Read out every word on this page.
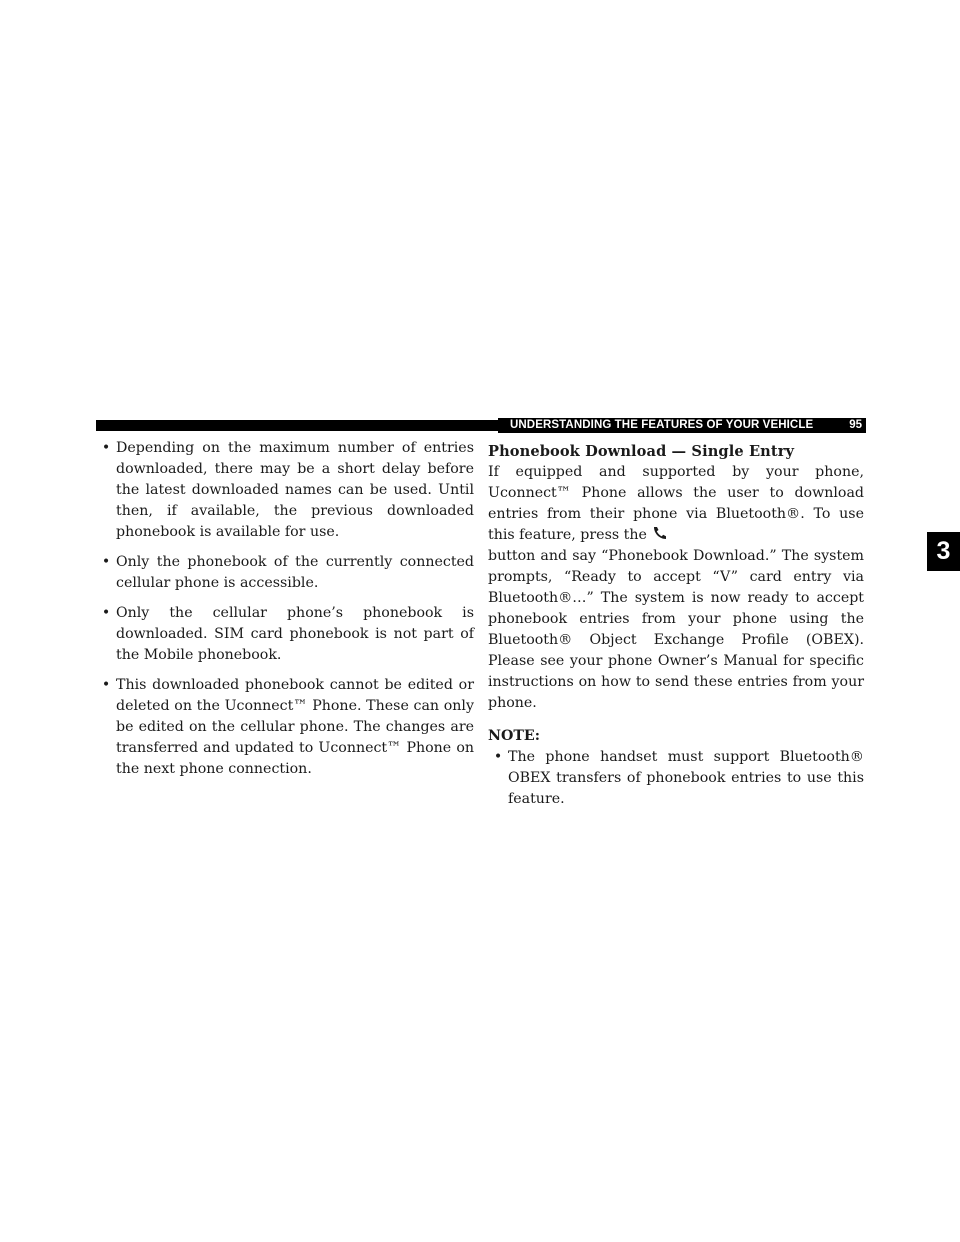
UNDERSTANDING THE FEATURES OF YOUR VEHICLE	95
3
• Depending on the maximum number of entries downloaded, there may be a short delay before the latest downloaded names can be used. Until then, if available, the previous downloaded phonebook is available for use.
• Only the phonebook of the currently connected cellular phone is accessible.
• Only the cellular phone’s phonebook is downloaded. SIM card phonebook is not part of the Mobile phonebook.
• This downloaded phonebook cannot be edited or deleted on the Uconnect™ Phone. These can only be edited on the cellular phone. The changes are transferred and updated to Uconnect™ Phone on the next phone connection.
Phonebook Download — Single Entry

If equipped and supported by your phone, Uconnect™ Phone allows the user to download entries from their phone via Bluetooth®. To use this feature, press the
button and say “Phonebook Download.” The system prompts, “Ready to accept “V” card entry via Bluetooth®…” The system is now ready to accept phonebook entries from your phone using the Bluetooth® Object Exchange Profile (OBEX). Please see your phone Owner’s Manual for specific instructions on how to send these entries from your phone.

NOTE:

• The phone handset must support Bluetooth® OBEX transfers of phonebook entries to use this feature.
